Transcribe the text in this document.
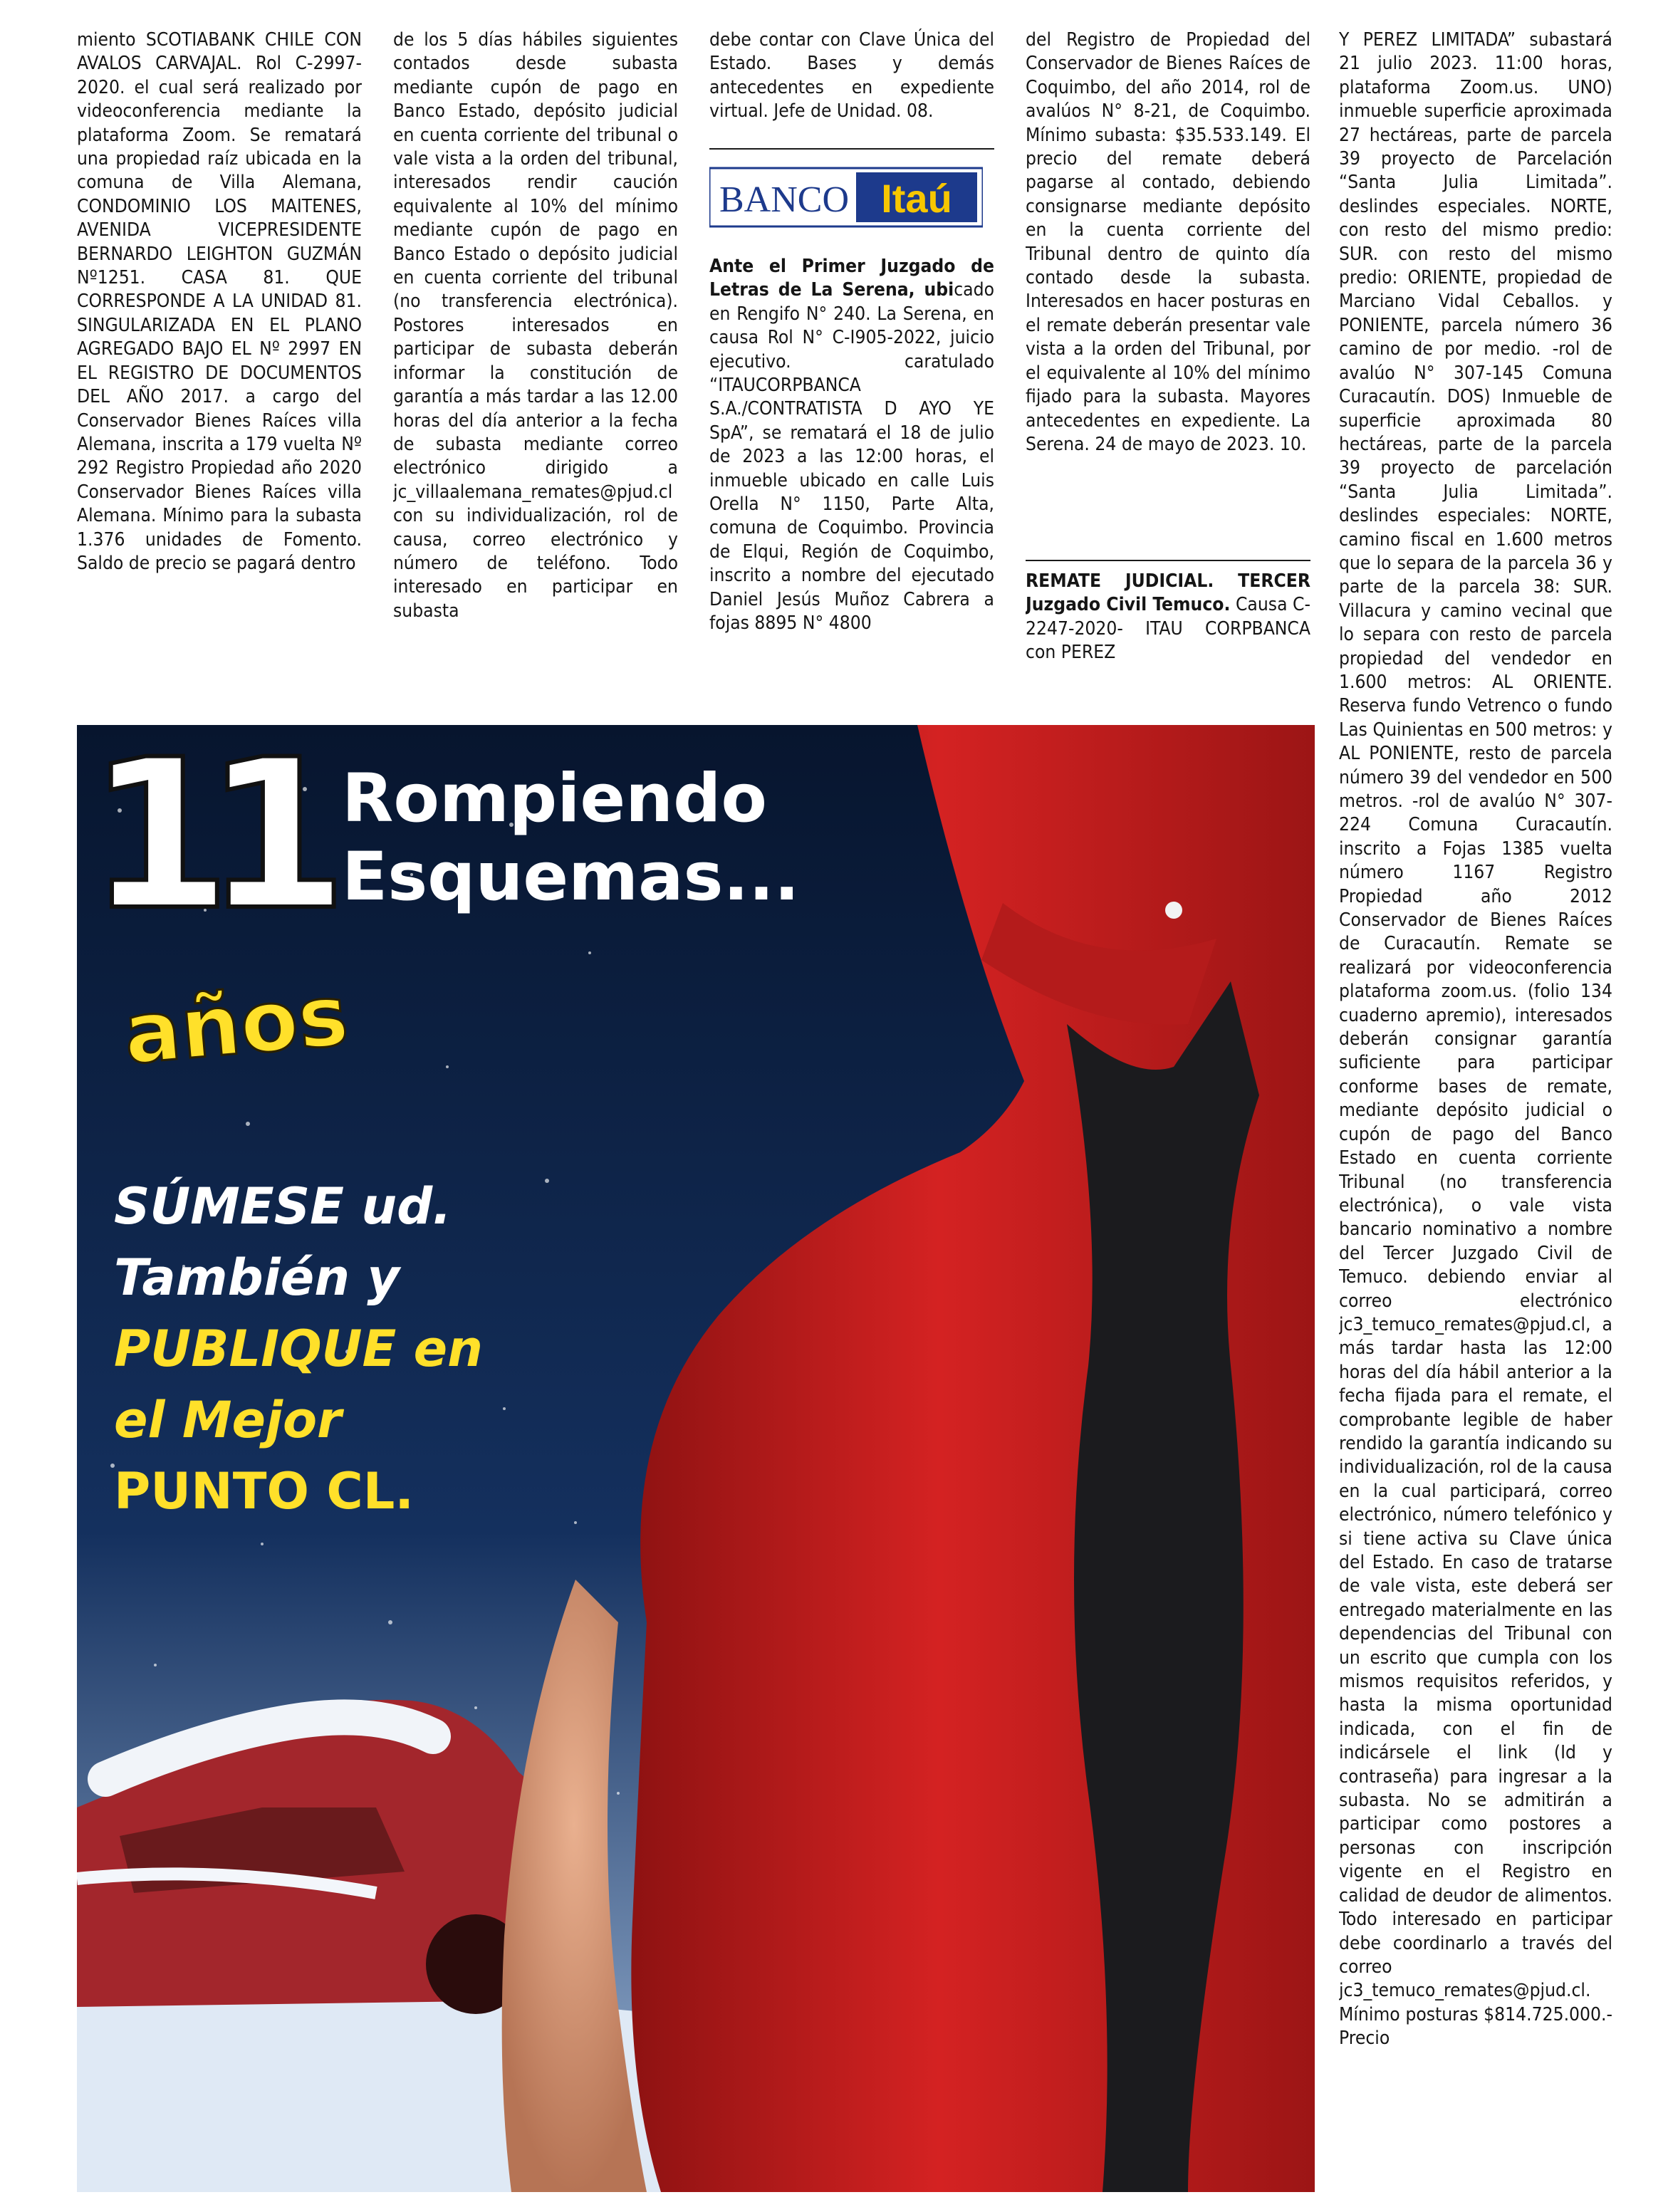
miento SCOTIABANK CHILE CON AVALOS CARVAJAL. Rol C-2997-2020. el cual será realizado por videoconferencia mediante la plataforma Zoom. Se rematará una propiedad raíz ubicada en la comuna de Villa Alemana, CONDOMINIO LOS MAITENES, AVENIDA VICEPRESIDENTE BERNARDO LEIGHTON GUZMÁN Nº1251. CASA 81. QUE CORRESPONDE A LA UNIDAD 81. SINGULARIZADA EN EL PLANO AGREGADO BAJO EL Nº 2997 EN EL REGISTRO DE DOCUMENTOS DEL AÑO 2017. a cargo del Conservador Bienes Raíces villa Alemana, inscrita a 179 vuelta Nº 292 Registro Propiedad año 2020 Conservador Bienes Raíces villa Alemana. Mínimo para la subasta 1.376 unidades de Fomento. Saldo de precio se pagará dentro

de los 5 días hábiles siguientes contados desde subasta mediante cupón de pago en Banco Estado, depósito judicial en cuenta corriente del tribunal o vale vista a la orden del tribunal, interesados rendir caución equivalente al 10% del mínimo mediante cupón de pago en Banco Estado o depósito judicial en cuenta corriente del tribunal (no transferencia electrónica). Postores interesados en participar de subasta deberán informar la constitución de garantía a más tardar a las 12.00 horas del día anterior a la fecha de subasta mediante correo electrónico dirigido a jc_villaalemana_remates@pjud.cl con su individualización, rol de causa, correo electrónico y número de teléfono. Todo interesado en participar en subasta

debe contar con Clave Única del Estado. Bases y demás antecedentes en expediente virtual. Jefe de Unidad. 08.

BANCO Itaú

Ante el Primer Juzgado de Letras de La Serena, ubicado en Rengifo N° 240. La Serena, en causa Rol N° C-I905-2022, juicio ejecutivo. caratulado “ITAUCORPBANCA S.A./CONTRATISTA D AYO YE SpA”, se rematará el 18 de julio de 2023 a las 12:00 horas, el inmueble ubicado en calle Luis Orella N° 1150, Parte Alta, comuna de Coquimbo. Provincia de Elqui, Región de Coquimbo, inscrito a nombre del ejecutado Daniel Jesús Muñoz Cabrera a fojas 8895 N° 4800

del Registro de Propiedad del Conservador de Bienes Raíces de Coquimbo, del año 2014, rol de avalúos N° 8-21, de Coquimbo. Mínimo subasta: $35.533.149. El precio del remate deberá pagarse al contado, debiendo consignarse mediante depósito en la cuenta corriente del Tribunal dentro de quinto día contado desde la subasta. Interesados en hacer posturas en el remate deberán presentar vale vista a la orden del Tribunal, por el equivalente al 10% del mínimo fijado para la subasta. Mayores antecedentes en expediente. La Serena. 24 de mayo de 2023. 10.

REMATE JUDICIAL. TERCER Juzgado Civil Temuco. Causa C- 2247-2020- ITAU CORPBANCA con PEREZ

Y PEREZ LIMITADA” subastará 21 julio 2023. 11:00 horas, plataforma Zoom.us. UNO) inmueble superficie aproximada 27 hectáreas, parte de parcela 39 proyecto de Parcelación “Santa Julia Limitada”. deslindes especiales. NORTE, con resto del mismo predio: SUR. con resto del mismo predio: ORIENTE, propiedad de Marciano Vidal Ceballos. y PONIENTE, parcela número 36 camino de por medio. -rol de avalúo N° 307-145 Comuna Curacautín. DOS) Inmueble de superficie aproximada 80 hectáreas, parte de la parcela 39 proyecto de parcelación “Santa Julia Limitada”. deslindes especiales: NORTE, camino fiscal en 1.600 metros que lo separa de la parcela 36 y parte de la parcela 38: SUR. Villacura y camino vecinal que lo separa con resto de parcela propiedad del vendedor en 1.600 metros: AL ORIENTE. Reserva fundo Vetrenco o fundo Las Quinientas en 500 metros: y AL PONIENTE, resto de parcela número 39 del vendedor en 500 metros. -rol de avalúo N° 307-224 Comuna Curacautín. inscrito a Fojas 1385 vuelta número 1167 Registro Propiedad año 2012 Conservador de Bienes Raíces de Curacautín. Remate se realizará por videoconferencia plataforma zoom.us. (folio 134 cuaderno apremio), interesados deberán consignar garantía suficiente para participar conforme bases de remate, mediante depósito judicial o cupón de pago del Banco Estado en cuenta corriente Tribunal (no transferencia electrónica), o vale vista bancario nominativo a nombre del Tercer Juzgado Civil de Temuco. debiendo enviar al correo electrónico jc3_temuco_remates@pjud.cl, a más tardar hasta las 12:00 horas del día hábil anterior a la fecha fijada para el remate, el comprobante legible de haber rendido la garantía indicando su individualización, rol de la causa en la cual participará, correo electrónico, número telefónico y si tiene activa su Clave única del Estado. En caso de tratarse de vale vista, este deberá ser entregado materialmente en las dependencias del Tribunal con un escrito que cumpla con los mismos requisitos referidos, y hasta la misma oportunidad indicada, con el fin de indicársele el link (Id y contraseña) para ingresar a la subasta. No se admitirán a participar como postores a personas con inscripción vigente en el Registro en calidad de deudor de alimentos. Todo interesado en participar debe coordinarlo a través del correo jc3_temuco_remates@pjud.cl. Mínimo posturas $814.725.000.- Precio

11 Rompiendo
Esquemas...
años
SÚMESE ud.
También y
PUBLIQUE en
el Mejor
PUNTO CL.
